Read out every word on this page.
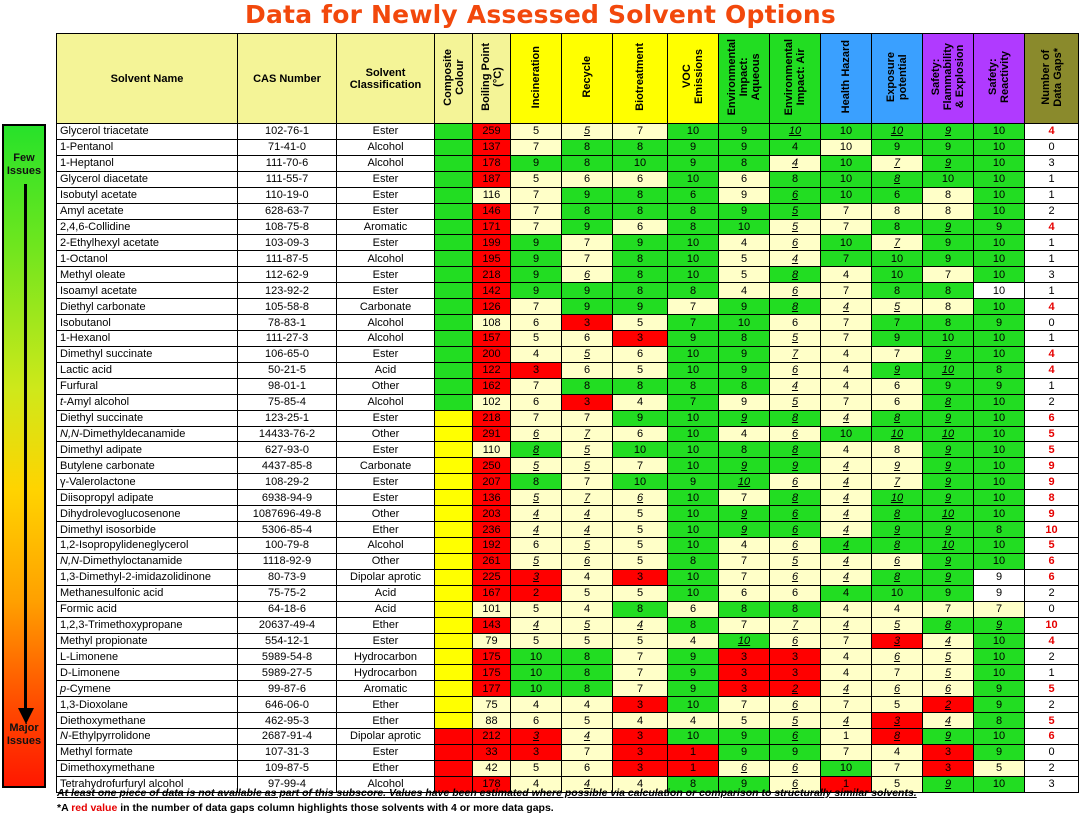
Data for Newly Assessed Solvent Options
Few
Issues
Major
Issues
Solvent Name	CAS Number	Solvent Classification	Composite
Colour	Boiling Point
(°C)	Incineration	Recycle	Biotreatment	VOC
Emissions	Environmental
Impact:
Aqueous	Environmental
Impact: Air	Health Hazard	Exposure
potential	Safety:
Flammability
& Explosion	Safety:
Reactivity	Number of
Data Gaps*
Glycerol triacetate	102-76-1	Ester		259	5	5	7	10	9	10	10	10	9	10	4
1-Pentanol	71-41-0	Alcohol		137	7	8	8	9	9	4	10	9	9	10	0
1-Heptanol	111-70-6	Alcohol		178	9	8	10	9	8	4	10	7	9	10	3
Glycerol diacetate	111-55-7	Ester		187	5	6	6	10	6	8	10	8	10	10	1
Isobutyl acetate	110-19-0	Ester		116	7	9	8	6	9	6	10	6	8	10	1
Amyl acetate	628-63-7	Ester		146	7	8	8	8	9	5	7	8	8	10	2
2,4,6-Collidine	108-75-8	Aromatic		171	7	9	6	8	10	5	7	8	9	9	4
2-Ethylhexyl acetate	103-09-3	Ester		199	9	7	9	10	4	6	10	7	9	10	1
1-Octanol	111-87-5	Alcohol		195	9	7	8	10	5	4	7	10	9	10	1
Methyl oleate	112-62-9	Ester		218	9	6	8	10	5	8	4	10	7	10	3
Isoamyl acetate	123-92-2	Ester		142	9	9	8	8	4	6	7	8	8	10	1
Diethyl carbonate	105-58-8	Carbonate		126	7	9	9	7	9	8	4	5	8	10	4
Isobutanol	78-83-1	Alcohol		108	6	3	5	7	10	6	7	7	8	9	0
1-Hexanol	111-27-3	Alcohol		157	5	6	3	9	8	5	7	9	10	10	1
Dimethyl succinate	106-65-0	Ester		200	4	5	6	10	9	7	4	7	9	10	4
Lactic acid	50-21-5	Acid		122	3	6	5	10	9	6	4	9	10	8	4
Furfural	98-01-1	Other		162	7	8	8	8	8	4	4	6	9	9	1
t-Amyl alcohol	75-85-4	Alcohol		102	6	3	4	7	9	5	7	6	8	10	2
Diethyl succinate	123-25-1	Ester		218	7	7	9	10	9	8	4	8	9	10	6
N,N-Dimethyldecanamide	14433-76-2	Other		291	6	7	6	10	4	6	10	10	10	10	5
Dimethyl adipate	627-93-0	Ester		110	8	5	10	10	8	8	4	8	9	10	5
Butylene carbonate	4437-85-8	Carbonate		250	5	5	7	10	9	9	4	9	9	10	9
γ-Valerolactone	108-29-2	Ester		207	8	7	10	9	10	6	4	7	9	10	9
Diisopropyl adipate	6938-94-9	Ester		136	5	7	6	10	7	8	4	10	9	10	8
Dihydrolevoglucosenone	1087696-49-8	Other		203	4	4	5	10	9	6	4	8	10	10	9
Dimethyl isosorbide	5306-85-4	Ether		236	4	4	5	10	9	6	4	9	9	8	10
1,2-Isopropylideneglycerol	100-79-8	Alcohol		192	6	5	5	10	4	6	4	8	10	10	5
N,N-Dimethyloctanamide	1118-92-9	Other		261	5	6	5	8	7	5	4	6	9	10	6
1,3-Dimethyl-2-imidazolidinone	80-73-9	Dipolar aprotic		225	3	4	3	10	7	6	4	8	9	9	6
Methanesulfonic acid	75-75-2	Acid		167	2	5	5	10	6	6	4	10	9	9	2
Formic acid	64-18-6	Acid		101	5	4	8	6	8	8	4	4	7	7	0
1,2,3-Trimethoxypropane	20637-49-4	Ether		143	4	5	4	8	7	7	4	5	8	9	10
Methyl propionate	554-12-1	Ester		79	5	5	5	4	10	6	7	3	4	10	4
L-Limonene	5989-54-8	Hydrocarbon		175	10	8	7	9	3	3	4	6	5	10	2
D-Limonene	5989-27-5	Hydrocarbon		175	10	8	7	9	3	3	4	7	5	10	1
p-Cymene	99-87-6	Aromatic		177	10	8	7	9	3	2	4	6	6	9	5
1,3-Dioxolane	646-06-0	Ether		75	4	4	3	10	7	6	7	5	2	9	2
Diethoxymethane	462-95-3	Ether		88	6	5	4	4	5	5	4	3	4	8	5
N-Ethylpyrrolidone	2687-91-4	Dipolar aprotic		212	3	4	3	10	9	6	1	8	9	10	6
Methyl formate	107-31-3	Ester		33	3	7	3	1	9	9	7	4	3	9	0
Dimethoxymethane	109-87-5	Ether		42	5	6	3	1	6	6	10	7	3	5	2
Tetrahydrofurfuryl alcohol	97-99-4	Alcohol		178	4	4	4	8	9	6	1	5	9	10	3
At least one piece of data is not available as part of this subscore. Values have been estimated where possible via calculation or comparison to structurally similar solvents.
*A red value in the number of data gaps column highlights those solvents with 4 or more data gaps.
